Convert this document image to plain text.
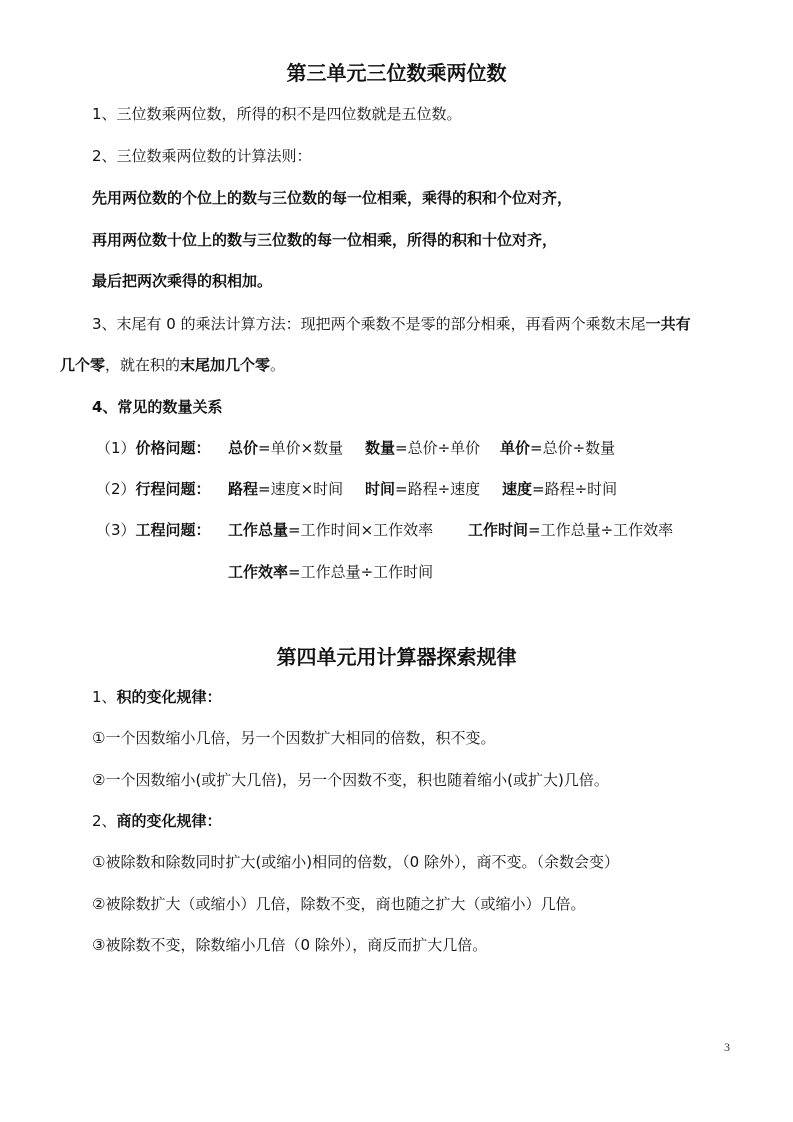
第三单元三位数乘两位数
1、三位数乘两位数，所得的积不是四位数就是五位数。
2、三位数乘两位数的计算法则：
先用两位数的个位上的数与三位数的每一位相乘，乘得的积和个位对齐，
再用两位数十位上的数与三位数的每一位相乘，所得的积和十位对齐，
最后把两次乘得的积相加。
3、末尾有 0 的乘法计算方法：现把两个乘数不是零的部分相乘，再看两个乘数末尾一共有
几个零，就在积的末尾加几个零。
4、常见的数量关系
（1）价格问题： 总价=单价×数量 数量=总价÷单价 单价=总价÷数量
（2）行程问题： 路程=速度×时间 时间=路程÷速度 速度=路程÷时间
（3）工程问题： 工作总量=工作时间×工作效率 工作时间=工作总量÷工作效率
工作效率=工作总量÷工作时间
第四单元用计算器探索规律
1、积的变化规律：
①一个因数缩小几倍，另一个因数扩大相同的倍数，积不变。
②一个因数缩小(或扩大几倍)，另一个因数不变，积也随着缩小(或扩大)几倍。
2、商的变化规律：
①被除数和除数同时扩大(或缩小)相同的倍数，（0 除外），商不变。（余数会变）
②被除数扩大（或缩小）几倍，除数不变，商也随之扩大（或缩小）几倍。
③被除数不变，除数缩小几倍（0 除外），商反而扩大几倍。
3
